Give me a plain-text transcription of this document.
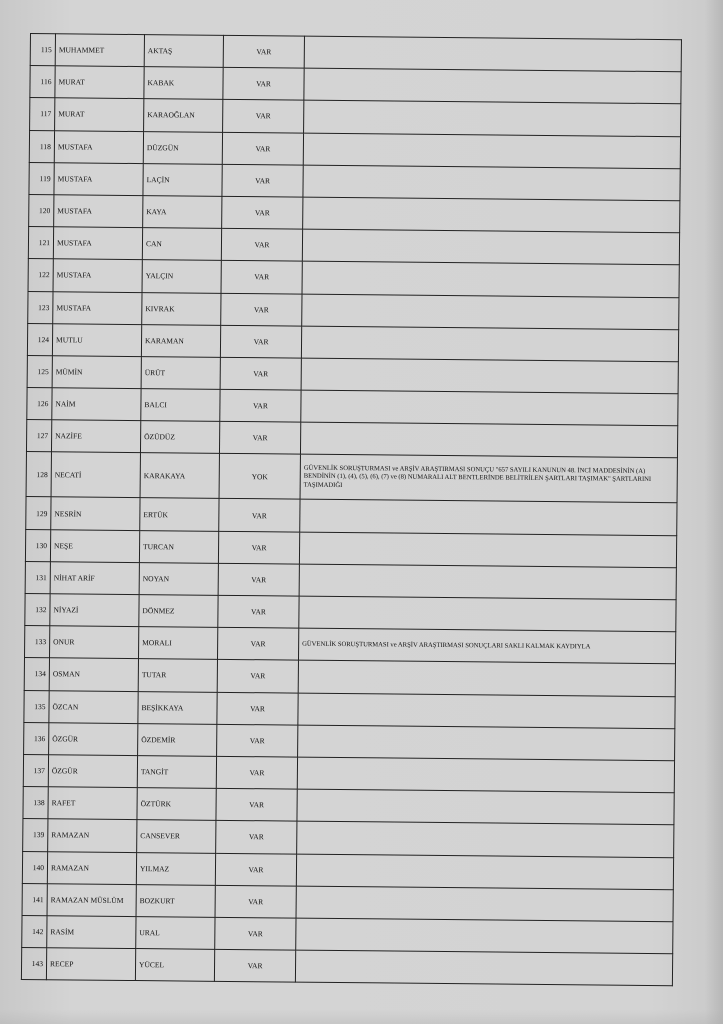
115	MUHAMMET	AKTAŞ	VAR	
116	MURAT	KABAK	VAR	
117	MURAT	KARAOĞLAN	VAR	
118	MUSTAFA	DÜZGÜN	VAR	
119	MUSTAFA	LAÇİN	VAR	
120	MUSTAFA	KAYA	VAR	
121	MUSTAFA	CAN	VAR	
122	MUSTAFA	YALÇIN	VAR	
123	MUSTAFA	KIVRAK	VAR	
124	MUTLU	KARAMAN	VAR	
125	MÜMİN	ÜRÜT	VAR	
126	NAİM	BALCI	VAR	
127	NAZİFE	ÖZÜDÜZ	VAR	
128	NECATİ	KARAKAYA	YOK	GÜVENLİK SORUŞTURMASI ve ARŞİV ARAŞTIRMASI SONUÇU "657 SAYILI KANUNUN 48. İNCİ MADDESİNİN (A) BENDİNİN (1), (4), (5), (6), (7) ve (8) NUMARALI ALT BENTLERİNDE BELİTRİLEN ŞARTLARI TAŞIMAK" ŞARTLARINI TAŞIMADIĞI
129	NESRİN	ERTÜK	VAR	
130	NEŞE	TURCAN	VAR	
131	NİHAT ARİF	NOYAN	VAR	
132	NİYAZİ	DÖNMEZ	VAR	
133	ONUR	MORALI	VAR	GÜVENLİK SORUŞTURMASI ve ARŞİV ARAŞTIRMASI SONUÇLARI SAKLI KALMAK KAYDIYLA
134	OSMAN	TUTAR	VAR	
135	ÖZCAN	BEŞİKKAYA	VAR	
136	ÖZGÜR	ÖZDEMİR	VAR	
137	ÖZGÜR	TANGİT	VAR	
138	RAFET	ÖZTÜRK	VAR	
139	RAMAZAN	CANSEVER	VAR	
140	RAMAZAN	YILMAZ	VAR	
141	RAMAZAN MÜSLÜM	BOZKURT	VAR	
142	RASİM	URAL	VAR	
143	RECEP	YÜCEL	VAR	
